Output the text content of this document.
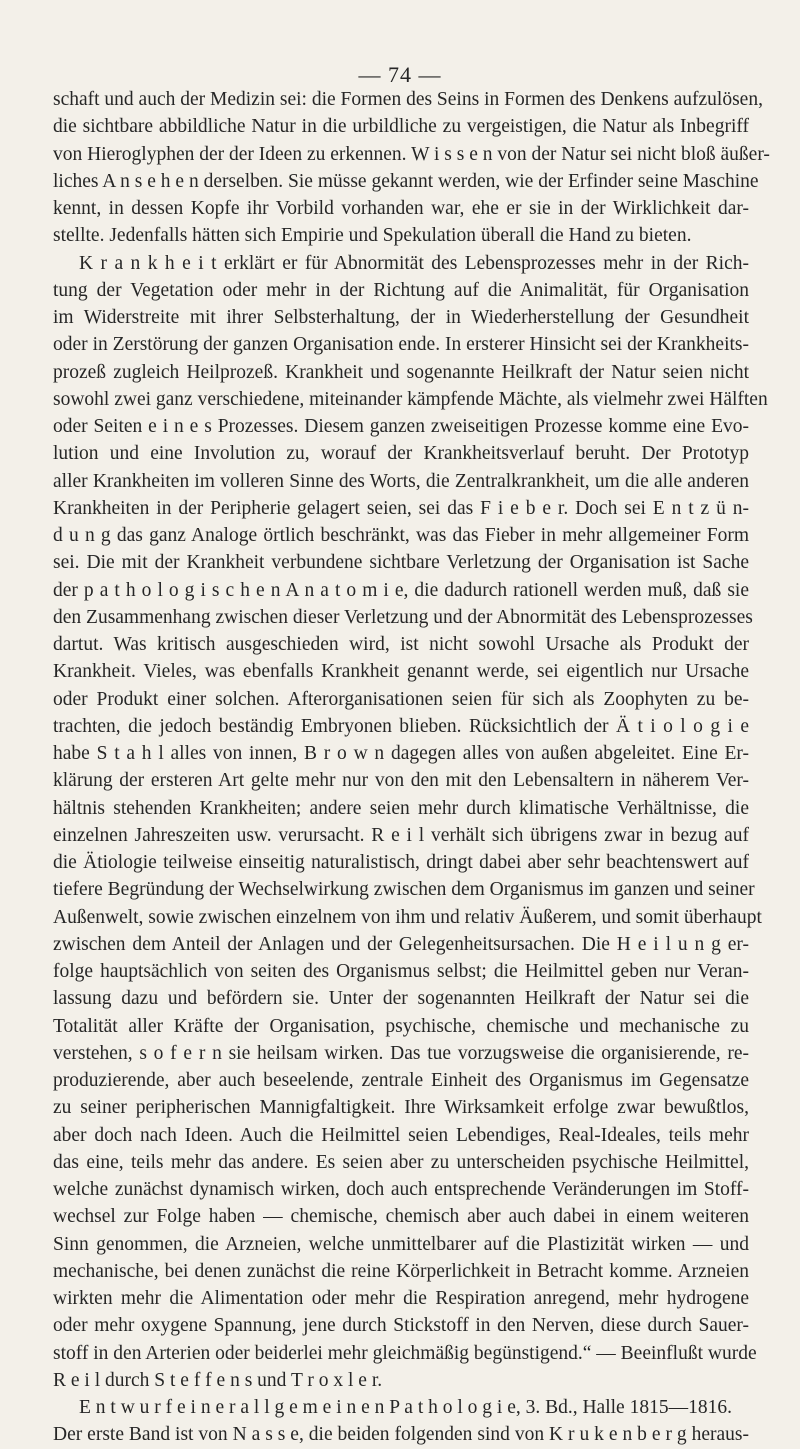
— 74 —
schaft und auch der Medizin sei: die Formen des Seins in Formen des Denkens aufzulösen,
die sichtbare abbildliche Natur in die urbildliche zu vergeistigen, die Natur als Inbegriff
von Hieroglyphen der der Ideen zu erkennen. W i s s e n von der Natur sei nicht bloß äußer-
liches A n s e h e n derselben. Sie müsse gekannt werden, wie der Erfinder seine Maschine
kennt, in dessen Kopfe ihr Vorbild vorhanden war, ehe er sie in der Wirklichkeit dar-
stellte. Jedenfalls hätten sich Empirie und Spekulation überall die Hand zu bieten.
K r a n k h e i t erklärt er für Abnormität des Lebensprozesses mehr in der Rich-
tung der Vegetation oder mehr in der Richtung auf die Animalität, für Organisation
im Widerstreite mit ihrer Selbsterhaltung, der in Wiederherstellung der Gesundheit
oder in Zerstörung der ganzen Organisation ende. In ersterer Hinsicht sei der Krankheits-
prozeß zugleich Heilprozeß. Krankheit und sogenannte Heilkraft der Natur seien nicht
sowohl zwei ganz verschiedene, miteinander kämpfende Mächte, als vielmehr zwei Hälften
oder Seiten e i n e s Prozesses. Diesem ganzen zweiseitigen Prozesse komme eine Evo-
lution und eine Involution zu, worauf der Krankheitsverlauf beruht. Der Prototyp
aller Krankheiten im volleren Sinne des Worts, die Zentralkrankheit, um die alle anderen
Krankheiten in der Peripherie gelagert seien, sei das F i e b e r. Doch sei E n t z ü n-
d u n g das ganz Analoge örtlich beschränkt, was das Fieber in mehr allgemeiner Form
sei. Die mit der Krankheit verbundene sichtbare Verletzung der Organisation ist Sache
der p a t h o l o g i s c h e n A n a t o m i e, die dadurch rationell werden muß, daß sie
den Zusammenhang zwischen dieser Verletzung und der Abnormität des Lebensprozesses
dartut. Was kritisch ausgeschieden wird, ist nicht sowohl Ursache als Produkt der
Krankheit. Vieles, was ebenfalls Krankheit genannt werde, sei eigentlich nur Ursache
oder Produkt einer solchen. Afterorganisationen seien für sich als Zoophyten zu be-
trachten, die jedoch beständig Embryonen blieben. Rücksichtlich der Ä t i o l o g i e
habe S t a h l alles von innen, B r o w n dagegen alles von außen abgeleitet. Eine Er-
klärung der ersteren Art gelte mehr nur von den mit den Lebensaltern in näherem Ver-
hältnis stehenden Krankheiten; andere seien mehr durch klimatische Verhältnisse, die
einzelnen Jahreszeiten usw. verursacht. R e i l verhält sich übrigens zwar in bezug auf
die Ätiologie teilweise einseitig naturalistisch, dringt dabei aber sehr beachtenswert auf
tiefere Begründung der Wechselwirkung zwischen dem Organismus im ganzen und seiner
Außenwelt, sowie zwischen einzelnem von ihm und relativ Äußerem, und somit überhaupt
zwischen dem Anteil der Anlagen und der Gelegenheitsursachen. Die H e i l u n g er-
folge hauptsächlich von seiten des Organismus selbst; die Heilmittel geben nur Veran-
lassung dazu und befördern sie. Unter der sogenannten Heilkraft der Natur sei die
Totalität aller Kräfte der Organisation, psychische, chemische und mechanische zu
verstehen, s o f e r n sie heilsam wirken. Das tue vorzugsweise die organisierende, re-
produzierende, aber auch beseelende, zentrale Einheit des Organismus im Gegensatze
zu seiner peripherischen Mannigfaltigkeit. Ihre Wirksamkeit erfolge zwar bewußtlos,
aber doch nach Ideen. Auch die Heilmittel seien Lebendiges, Real-Ideales, teils mehr
das eine, teils mehr das andere. Es seien aber zu unterscheiden psychische Heilmittel,
welche zunächst dynamisch wirken, doch auch entsprechende Veränderungen im Stoff-
wechsel zur Folge haben — chemische, chemisch aber auch dabei in einem weiteren
Sinn genommen, die Arzneien, welche unmittelbarer auf die Plastizität wirken — und
mechanische, bei denen zunächst die reine Körperlichkeit in Betracht komme. Arzneien
wirkten mehr die Alimentation oder mehr die Respiration anregend, mehr hydrogene
oder mehr oxygene Spannung, jene durch Stickstoff in den Nerven, diese durch Sauer-
stoff in den Arterien oder beiderlei mehr gleichmäßig begünstigend.“ — Beeinflußt wurde
R e i l durch S t e f f e n s und T r o x l e r.
E n t w u r f e i n e r a l l g e m e i n e n P a t h o l o g i e, 3. Bd., Halle 1815—1816.
Der erste Band ist von N a s s e, die beiden folgenden sind von K r u k e n b e r g heraus-
